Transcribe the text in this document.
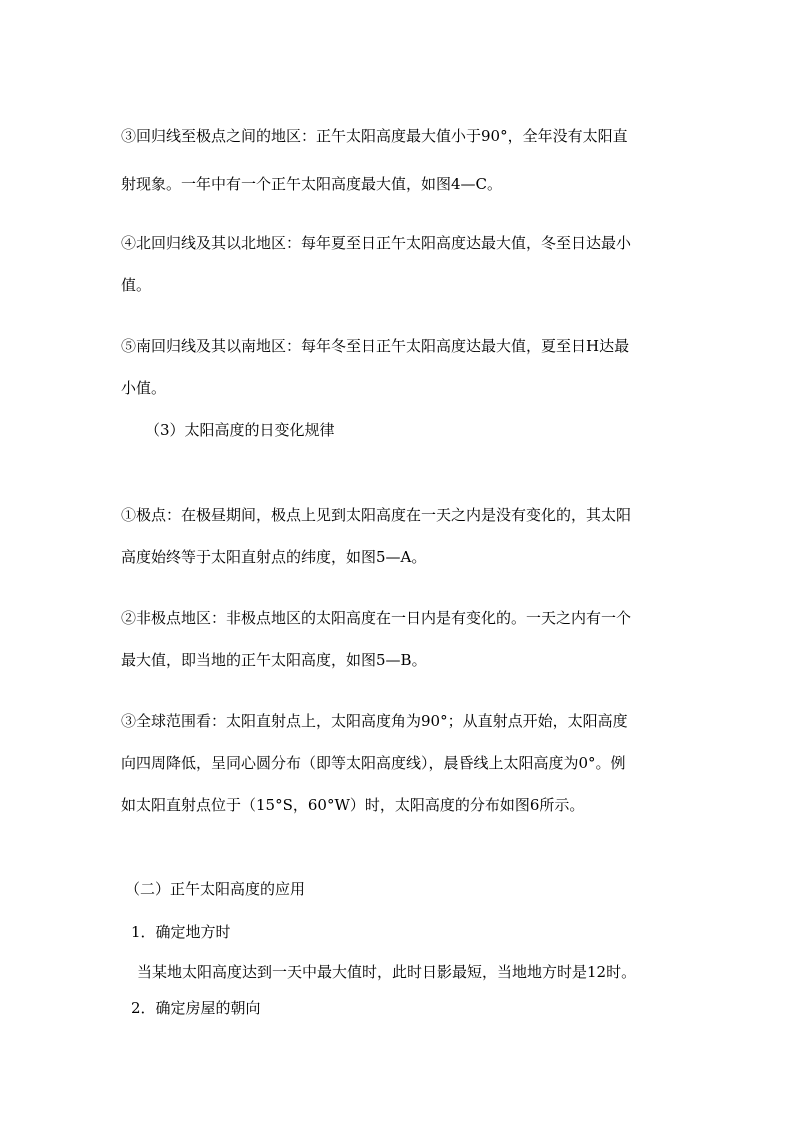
③回归线至极点之间的地区：正午太阳高度最大值小于90°，全年没有太阳直
射现象。一年中有一个正午太阳高度最大值，如图4—C。
④北回归线及其以北地区：每年夏至日正午太阳高度达最大值，冬至日达最小
值。
⑤南回归线及其以南地区：每年冬至日正午太阳高度达最大值，夏至日H达最
小值。
（3）太阳高度的日变化规律
①极点：在极昼期间，极点上见到太阳高度在一天之内是没有变化的，其太阳
高度始终等于太阳直射点的纬度，如图5—A。
②非极点地区：非极点地区的太阳高度在一日内是有变化的。一天之内有一个
最大值，即当地的正午太阳高度，如图5—B。
③全球范围看：太阳直射点上，太阳高度角为90°；从直射点开始，太阳高度
向四周降低，呈同心圆分布（即等太阳高度线），晨昏线上太阳高度为0°。例
如太阳直射点位于（15°S，60°W）时，太阳高度的分布如图6所示。
（二）正午太阳高度的应用
1．确定地方时
当某地太阳高度达到一天中最大值时，此时日影最短，当地地方时是12时。
2．确定房屋的朝向
